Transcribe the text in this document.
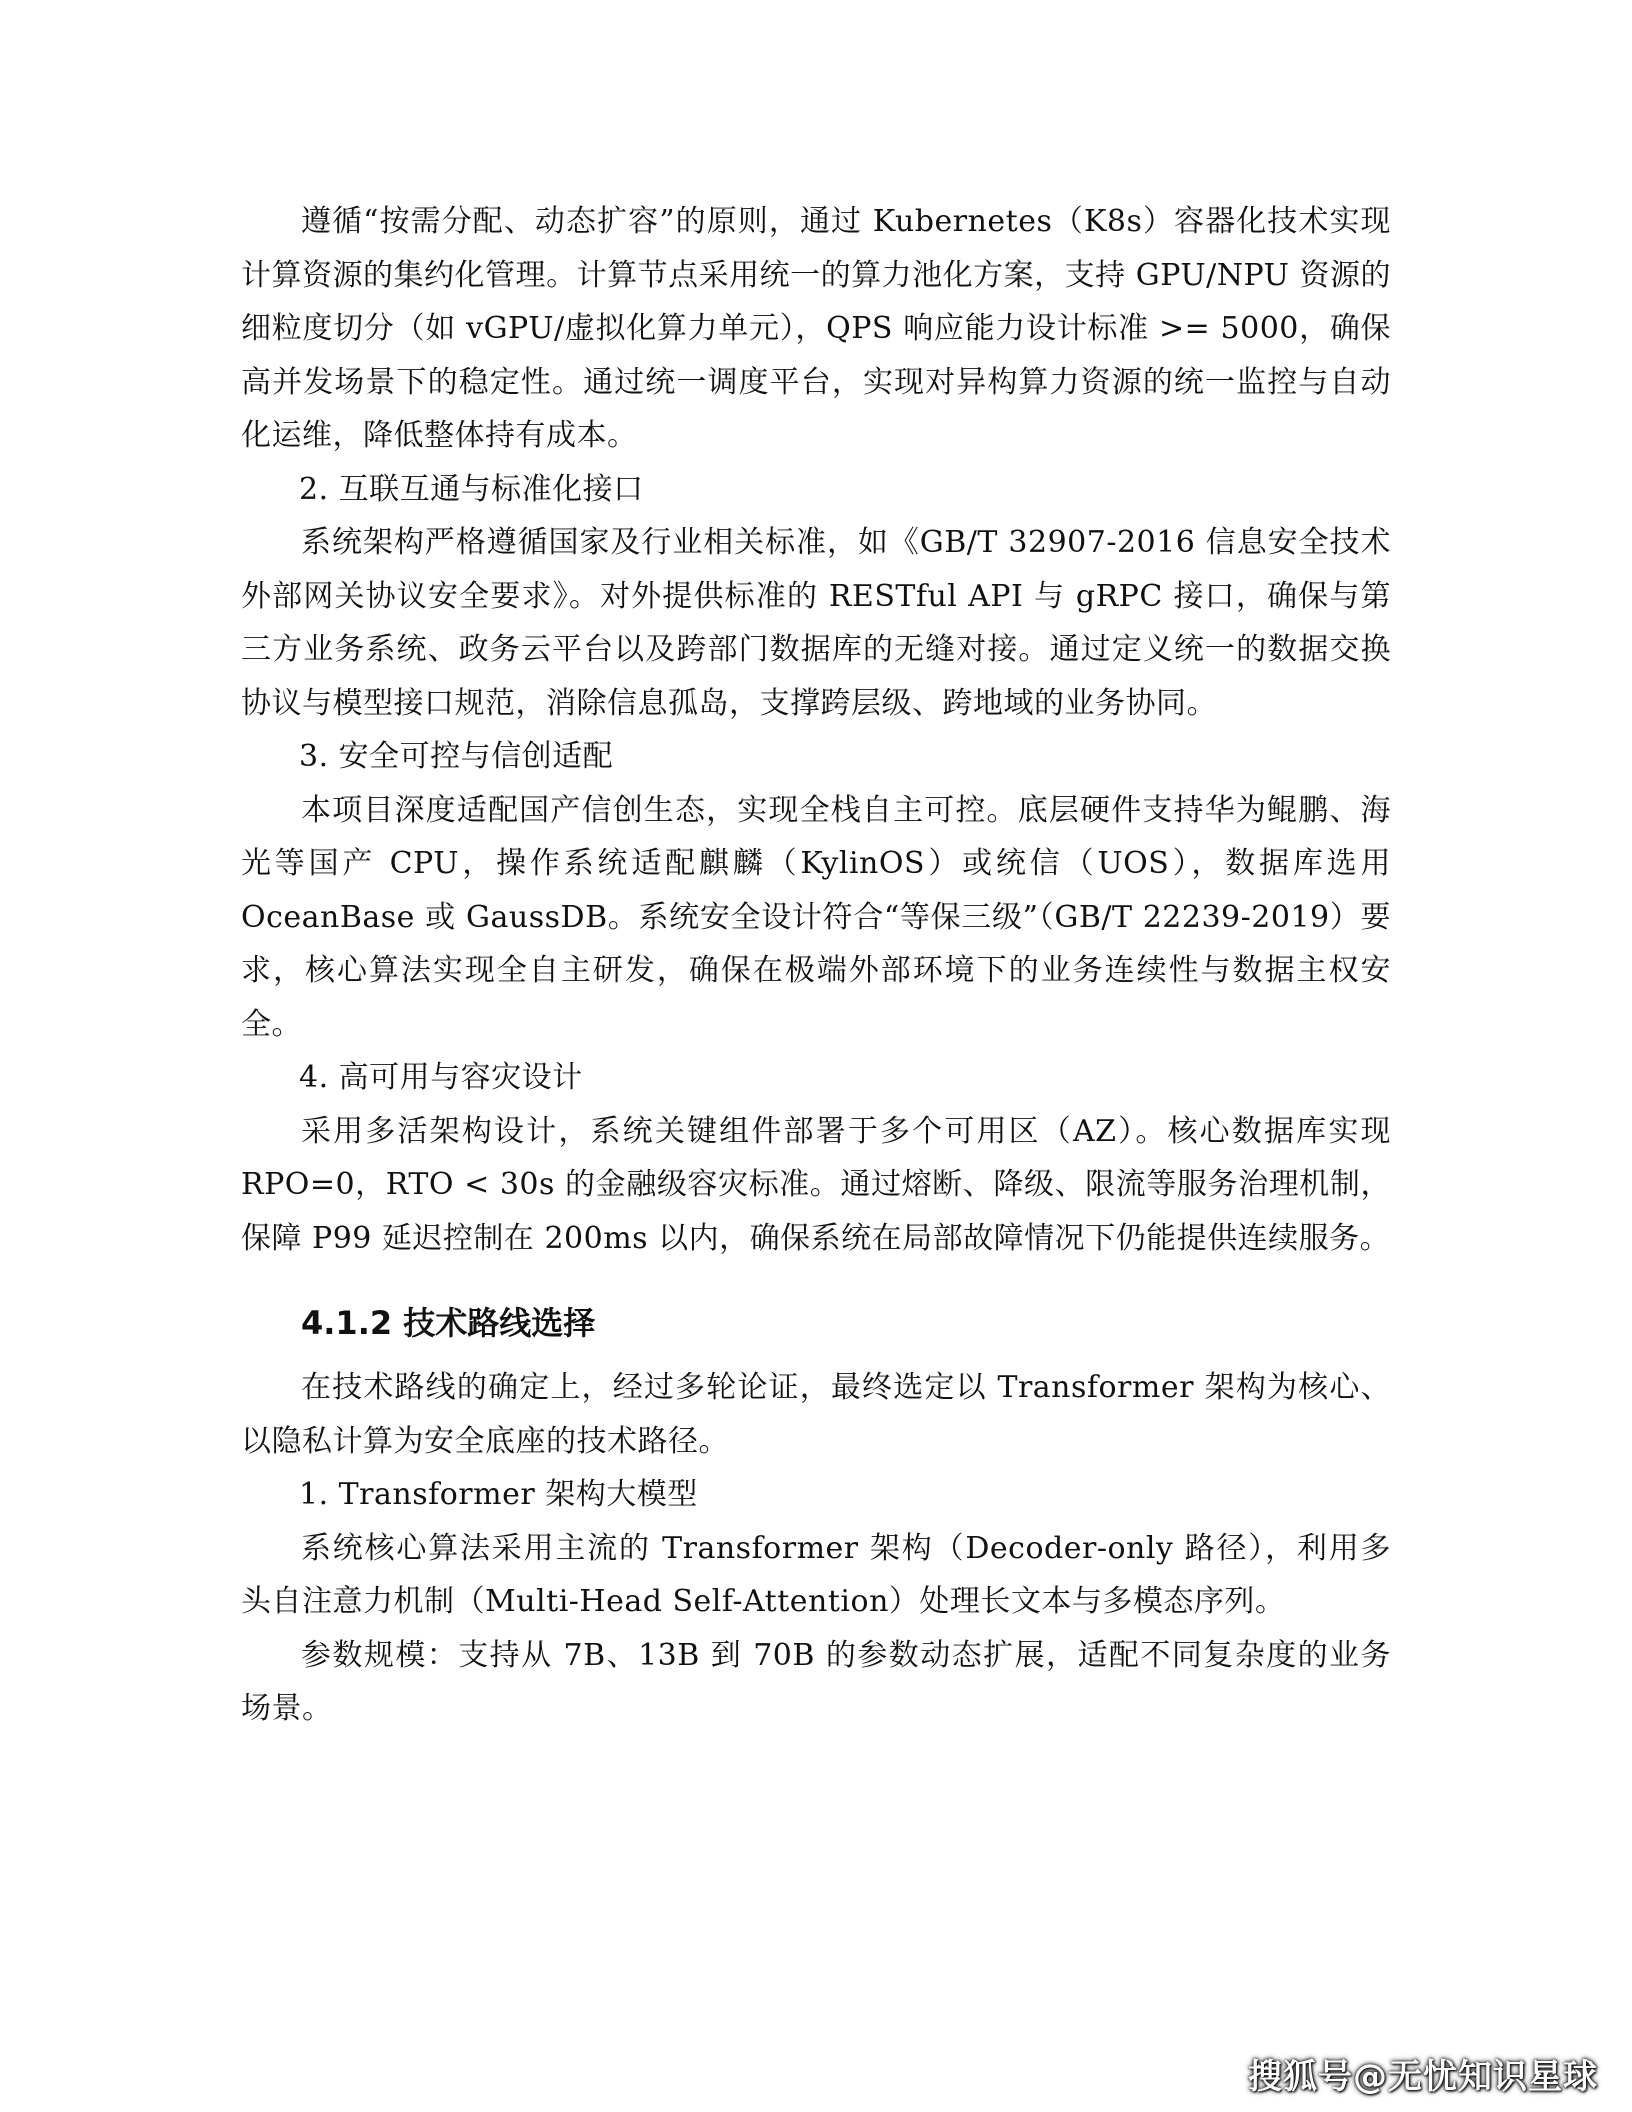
遵循“按需分配、动态扩容”的原则，通过 Kubernetes（K8s）容器化技术实现计算资源的集约化管理。计算节点采用统一的算力池化方案，支持 GPU/NPU 资源的细粒度切分（如 vGPU/虚拟化算力单元），QPS 响应能力设计标准 >= 5000，确保高并发场景下的稳定性。通过统一调度平台，实现对异构算力资源的统一监控与自动化运维，降低整体持有成本。

2. 互联互通与标准化接口

系统架构严格遵循国家及行业相关标准，如《GB/T 32907-2016 信息安全技术外部网关协议安全要求》。对外提供标准的 RESTful API 与 gRPC 接口，确保与第三方业务系统、政务云平台以及跨部门数据库的无缝对接。通过定义统一的数据交换协议与模型接口规范，消除信息孤岛，支撑跨层级、跨地域的业务协同。

3. 安全可控与信创适配

本项目深度适配国产信创生态，实现全栈自主可控。底层硬件支持华为鲲鹏、海光等国产 CPU，操作系统适配麒麟（KylinOS）或统信（UOS），数据库选用 OceanBase 或 GaussDB。系统安全设计符合“等保三级”（GB/T 22239-2019）要求，核心算法实现全自主研发，确保在极端外部环境下的业务连续性与数据主权安全。

4. 高可用与容灾设计

采用多活架构设计，系统关键组件部署于多个可用区（AZ）。核心数据库实现 RPO=0，RTO < 30s 的金融级容灾标准。通过熔断、降级、限流等服务治理机制，保障 P99 延迟控制在 200ms 以内，确保系统在局部故障情况下仍能提供连续服务。

4.1.2 技术路线选择

在技术路线的确定上，经过多轮论证，最终选定以 Transformer 架构为核心、以隐私计算为安全底座的技术路径。

1. Transformer 架构大模型

系统核心算法采用主流的 Transformer 架构（Decoder-only 路径），利用多头自注意力机制（Multi-Head Self-Attention）处理长文本与多模态序列。

参数规模：支持从 7B、13B 到 70B 的参数动态扩展，适配不同复杂度的业务场景。

搜狐号@无忧知识星球
